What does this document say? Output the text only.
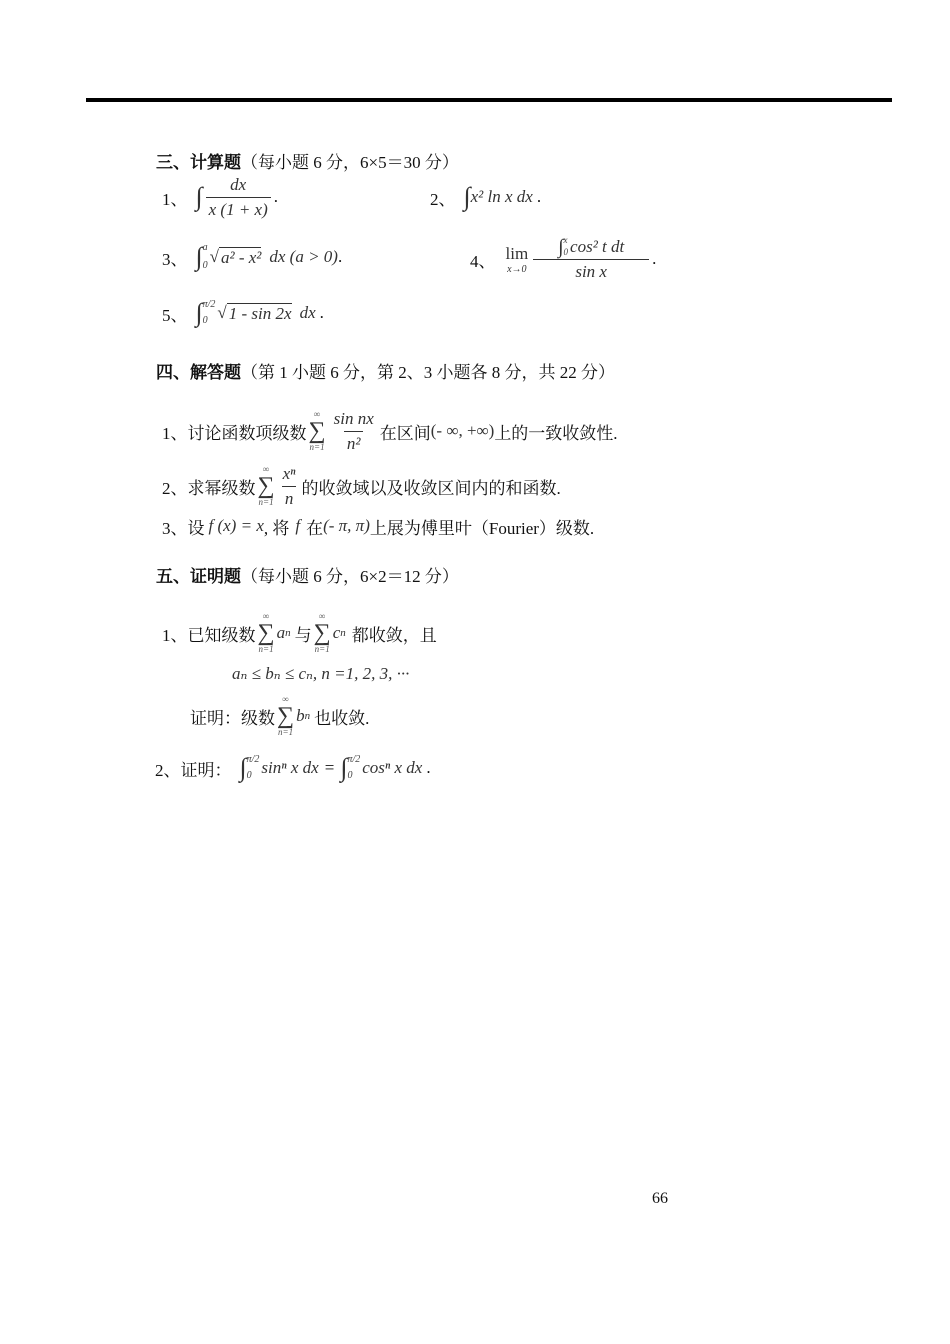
三、计算题（每小题 6 分，6×5＝30 分）
1、 ∫ $\frac{dx}{x (1 + x)}$ .	2、 ∫ x² ln x dx .
3、 ∫ a
0 √ a² - x² dx (a > 0) .	4、 lim
x→0 ∫ x
0 cos² t dt
sin x .
5、 ∫ π/2
0 √ 1 - sin 2x dx .
四、解答题（第 1 小题 6 分，第 2、3 小题各 8 分，共 22 分）
1、讨论函数项级数
∞
∑
$n=1 \frac{\text{sin nx}}{\text{n²}}$ 在区间 (- ∞, +∞) 上的一致收敛性.
2、求幂级数
∞
∑
$n=1 \frac{\text{xⁿ}}{n}$ 的收敛域以及收敛区间内的和函数.
3、设 f (x) = x , 将 f 在 (- π, π) 上展为傅里叶（Fourier）级数.
五、证明题（每小题 6 分，6×2＝12 分）
1、已知级数
∞
∑
n=1
a n 与
∞
∑
n=1
c n 都收敛，且
aₙ ≤ bₙ ≤ cₙ, n =1, 2, 3, ···
证明：级数
∞
∑
n=1
b n 也收敛.
2、证明： ∫ π/2
0 sinⁿ x dx = ∫ π/2
0 cosⁿ x dx .
66
